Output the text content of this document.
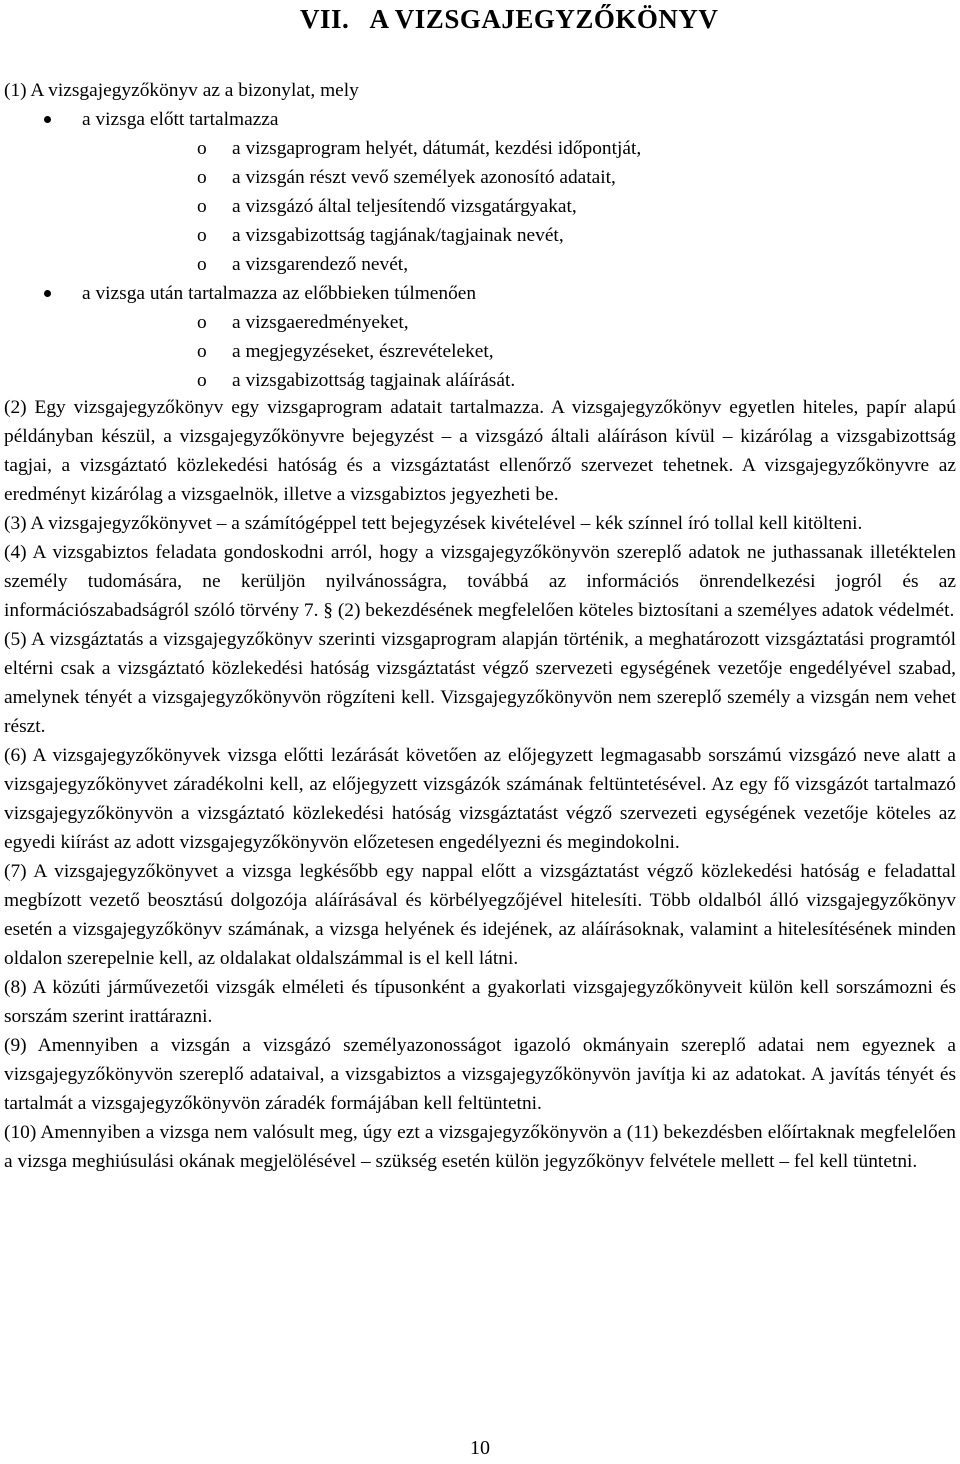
VII. A VIZSGAJEGYZŐKÖNYV
(1) A vizsgajegyzőkönyv az a bizonylat, mely
a vizsga előtt tartalmazza
o a vizsgaprogram helyét, dátumát, kezdési időpontját,
o a vizsgán részt vevő személyek azonosító adatait,
o a vizsgázó által teljesítendő vizsgatárgyakat,
o a vizsgabizottság tagjának/tagjainak nevét,
o a vizsgarendező nevét,
a vizsga után tartalmazza az előbbieken túlmenően
o a vizsgaeredményeket,
o a megjegyzéseket, észrevételeket,
o a vizsgabizottság tagjainak aláírását.

(2) Egy vizsgajegyzőkönyv egy vizsgaprogram adatait tartalmazza. A vizsgajegyzőkönyv egyetlen hiteles, papír alapú példányban készül, a vizsgajegyzőkönyvre bejegyzést – a vizsgázó általi aláíráson kívül – kizárólag a vizsgabizottság tagjai, a vizsgáztató közlekedési hatóság és a vizsgáztatást ellenőrző szervezet tehetnek. A vizsgajegyzőkönyvre az eredményt kizárólag a vizsgaelnök, illetve a vizsgabiztos jegyezheti be.

(3) A vizsgajegyzőkönyvet – a számítógéppel tett bejegyzések kivételével – kék színnel író tollal kell kitölteni.

(4) A vizsgabiztos feladata gondoskodni arról, hogy a vizsgajegyzőkönyvön szereplő adatok ne juthassanak illetéktelen személy tudomására, ne kerüljön nyilvánosságra, továbbá az információs önrendelkezési jogról és az információszabadságról szóló törvény 7. § (2) bekezdésének megfelelően köteles biztosítani a személyes adatok védelmét.

(5) A vizsgáztatás a vizsgajegyzőkönyv szerinti vizsgaprogram alapján történik, a meghatározott vizsgáztatási programtól eltérni csak a vizsgáztató közlekedési hatóság vizsgáztatást végző szervezeti egységének vezetője engedélyével szabad, amelynek tényét a vizsgajegyzőkönyvön rögzíteni kell. Vizsgajegyzőkönyvön nem szereplő személy a vizsgán nem vehet részt.

(6) A vizsgajegyzőkönyvek vizsga előtti lezárását követően az előjegyzett legmagasabb sorszámú vizsgázó neve alatt a vizsgajegyzőkönyvet záradékolni kell, az előjegyzett vizsgázók számának feltüntetésével. Az egy fő vizsgázót tartalmazó vizsgajegyzőkönyvön a vizsgáztató közlekedési hatóság vizsgáztatást végző szervezeti egységének vezetője köteles az egyedi kiírást az adott vizsgajegyzőkönyvön előzetesen engedélyezni és megindokolni.

(7) A vizsgajegyzőkönyvet a vizsga legkésőbb egy nappal előtt a vizsgáztatást végző közlekedési hatóság e feladattal megbízott vezető beosztású dolgozója aláírásával és körbélyegzőjével hitelesíti. Több oldalból álló vizsgajegyzőkönyv esetén a vizsgajegyzőkönyv számának, a vizsga helyének és idejének, az aláírásoknak, valamint a hitelesítésének minden oldalon szerepelnie kell, az oldalakat oldalszámmal is el kell látni.

(8) A közúti járművezetői vizsgák elméleti és típusonként a gyakorlati vizsgajegyzőkönyveit külön kell sorszámozni és sorszám szerint irattárazni.

(9) Amennyiben a vizsgán a vizsgázó személyazonosságot igazoló okmányain szereplő adatai nem egyeznek a vizsgajegyzőkönyvön szereplő adataival, a vizsgabiztos a vizsgajegyzőkönyvön javítja ki az adatokat. A javítás tényét és tartalmát a vizsgajegyzőkönyvön záradék formájában kell feltüntetni.

(10) Amennyiben a vizsga nem valósult meg, úgy ezt a vizsgajegyzőkönyvön a (11) bekezdésben előírtaknak megfelelően a vizsga meghiúsulási okának megjelölésével – szükség esetén külön jegyzőkönyv felvétele mellett – fel kell tüntetni.

10
